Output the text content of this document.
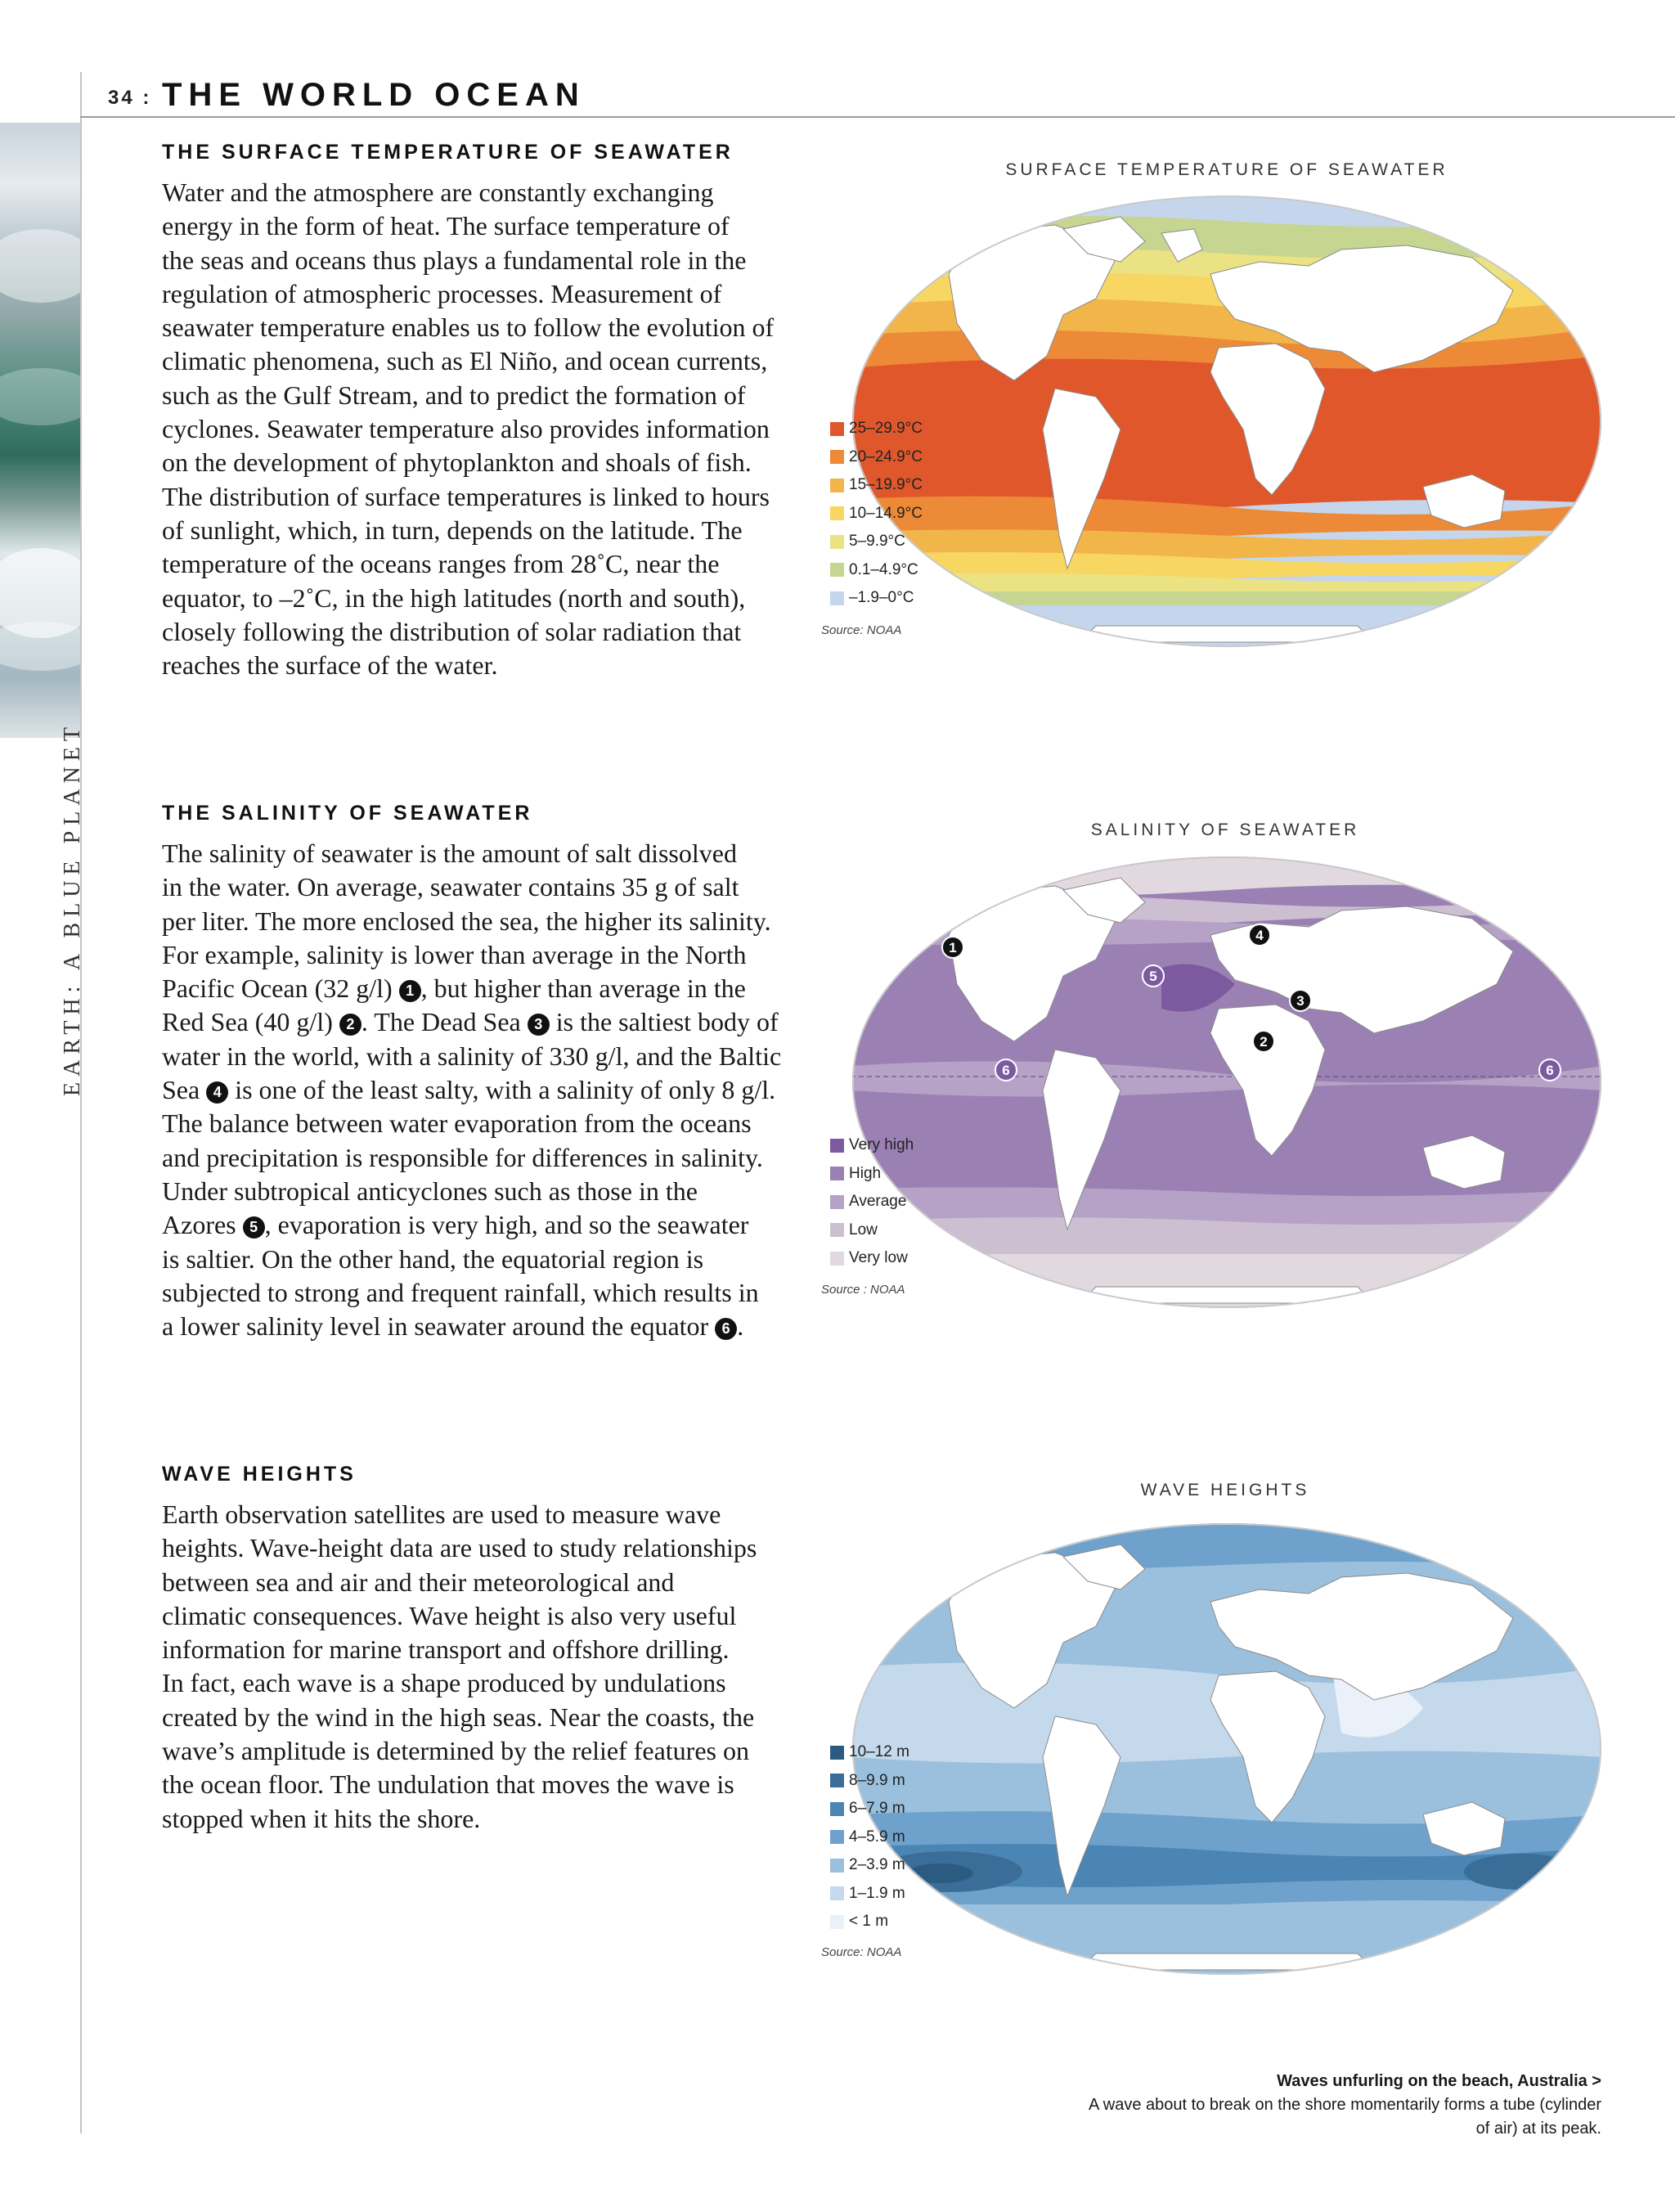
34 : THE WORLD OCEAN
EARTH: A BLUE PLANET
THE SURFACE TEMPERATURE OF SEAWATER
Water and the atmosphere are constantly exchanging
energy in the form of heat. The surface temperature of
the seas and oceans thus plays a fundamental role in the
regulation of atmospheric processes. Measurement of
seawater temperature enables us to follow the evolution of
climatic phenomena, such as El Niño, and ocean currents,
such as the Gulf Stream, and to predict the formation of
cyclones. Seawater temperature also provides information
on the development of phytoplankton and shoals of fish.
The distribution of surface temperatures is linked to hours
of sunlight, which, in turn, depends on the latitude. The
temperature of the oceans ranges from 28˚C, near the
equator, to –2˚C, in the high latitudes (north and south),
closely following the distribution of solar radiation that
reaches the surface of the water.
SURFACE TEMPERATURE OF SEAWATER
25–29.9°C
20–24.9°C
15–19.9°C
10–14.9°C
5–9.9°C
0.1–4.9°C
–1.9–0°C
Source: NOAA
THE SALINITY OF SEAWATER
The salinity of seawater is the amount of salt dissolved
in the water. On average, seawater contains 35 g of salt
per liter. The more enclosed the sea, the higher its salinity.
For example, salinity is lower than average in the North
Pacific Ocean (32 g/l) 1 , but higher than average in the
Red Sea (40 g/l) 2 . The Dead Sea 3 is the saltiest body of
water in the world, with a salinity of 330 g/l, and the Baltic
Sea 4 is one of the least salty, with a salinity of only 8 g/l.
The balance between water evaporation from the oceans
and precipitation is responsible for differences in salinity.
Under subtropical anticyclones such as those in the
Azores 5 , evaporation is very high, and so the seawater
is saltier. On the other hand, the equatorial region is
subjected to strong and frequent rainfall, which results in
a lower salinity level in seawater around the equator 6 .
SALINITY OF SEAWATER
1
2
3
4
5
6	6
Very high
High
Average
Low
Very low
Source : NOAA
WAVE HEIGHTS
Earth observation satellites are used to measure wave
heights. Wave-height data are used to study relationships
between sea and air and their meteorological and
climatic consequences. Wave height is also very useful
information for marine transport and offshore drilling.
In fact, each wave is a shape produced by undulations
created by the wind in the high seas. Near the coasts, the
wave’s amplitude is determined by the relief features on
the ocean floor. The undulation that moves the wave is
stopped when it hits the shore.
WAVE HEIGHTS
10–12 m
8–9.9 m
6–7.9 m
4–5.9 m
2–3.9 m
1–1.9 m
< 1 m
Source: NOAA
Waves unfurling on the beach, Australia >
A wave about to break on the shore momentarily forms a tube (cylinder
of air) at its peak.
